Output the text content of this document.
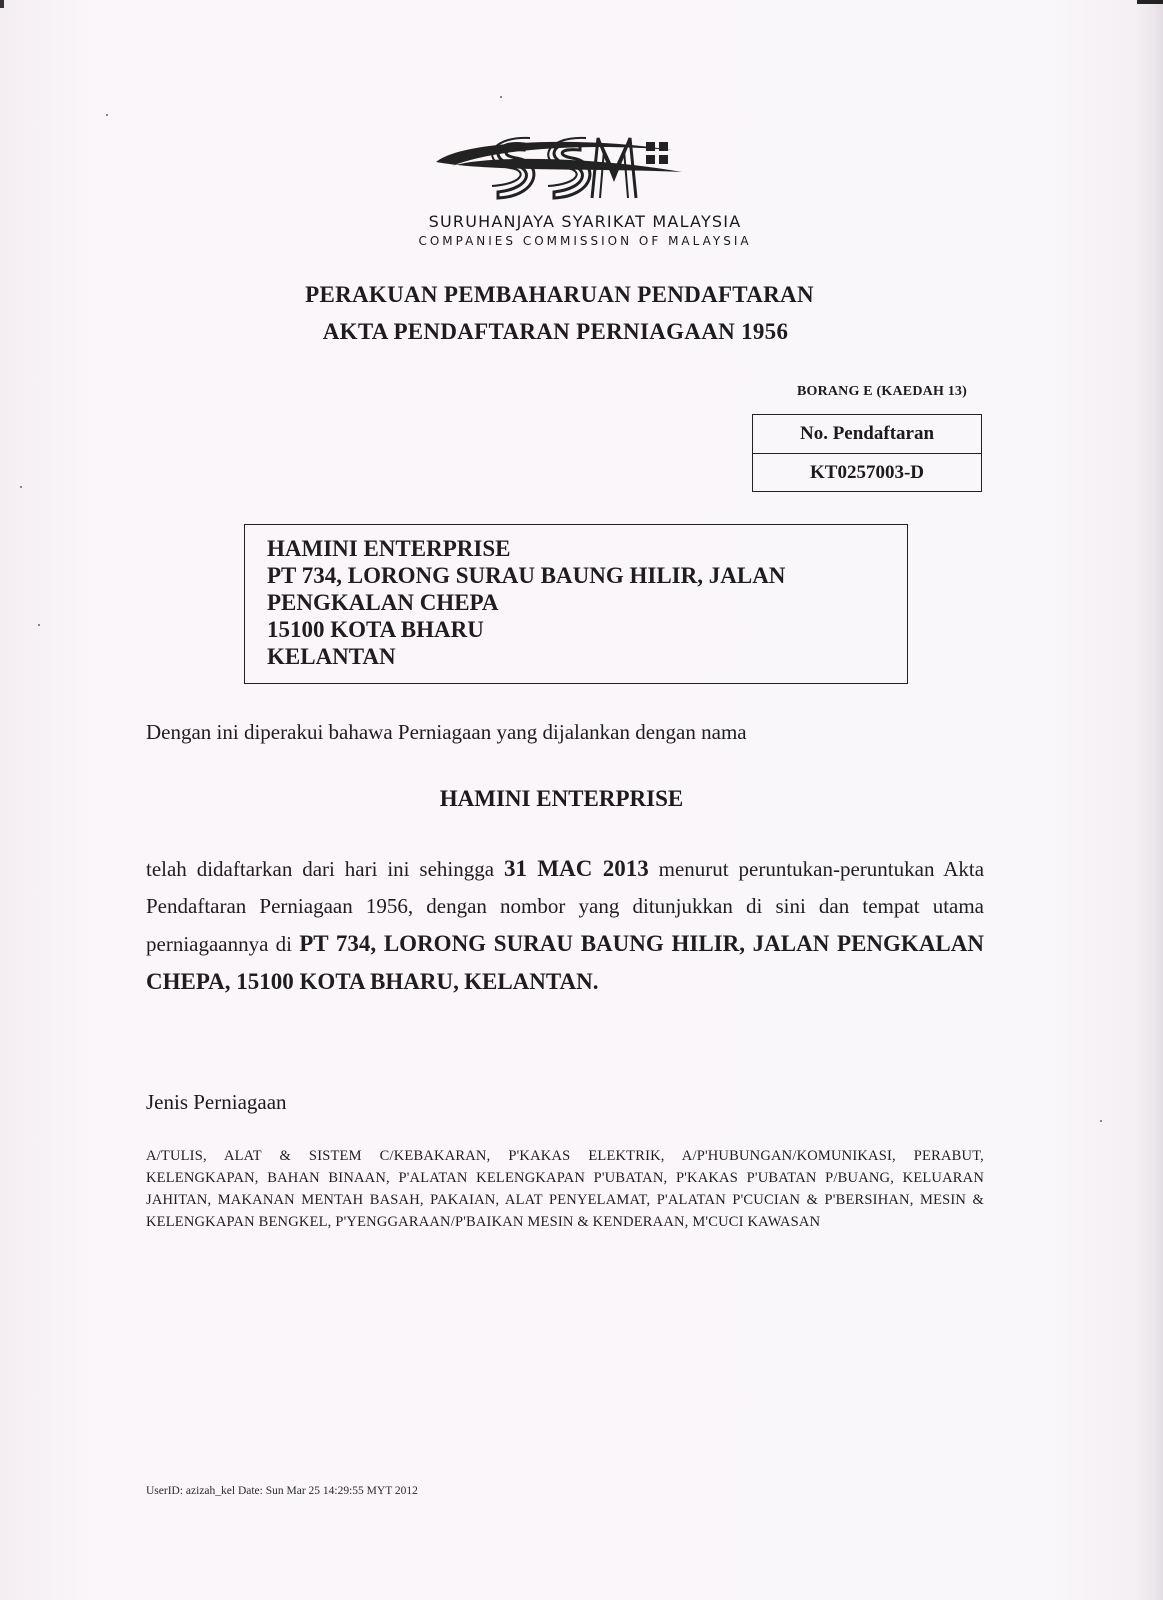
SURUHANJAYA SYARIKAT MALAYSIA
COMPANIES COMMISSION OF MALAYSIA
PERAKUAN PEMBAHARUAN PENDAFTARAN
AKTA PENDAFTARAN PERNIAGAAN 1956
BORANG E (KAEDAH 13)
No. Pendaftaran
KT0257003-D
HAMINI ENTERPRISE
PT 734, LORONG SURAU BAUNG HILIR, JALAN
PENGKALAN CHEPA
15100 KOTA BHARU
KELANTAN
Dengan ini diperakui bahawa Perniagaan yang dijalankan dengan nama
HAMINI ENTERPRISE
telah didaftarkan dari hari ini sehingga 31 MAC 2013 menurut peruntukan-peruntukan Akta Pendaftaran Perniagaan 1956, dengan nombor yang ditunjukkan di sini dan tempat utama perniagaannya di PT 734, LORONG SURAU BAUNG HILIR, JALAN PENGKALAN CHEPA, 15100 KOTA BHARU, KELANTAN.
Jenis Perniagaan
A/TULIS, ALAT & SISTEM C/KEBAKARAN, P'KAKAS ELEKTRIK, A/P'HUBUNGAN/KOMUNIKASI, PERABUT, KELENGKAPAN, BAHAN BINAAN, P'ALATAN KELENGKAPAN P'UBATAN, P'KAKAS P'UBATAN P/BUANG, KELUARAN JAHITAN, MAKANAN MENTAH BASAH, PAKAIAN, ALAT PENYELAMAT, P'ALATAN P'CUCIAN & P'BERSIHAN, MESIN & KELENGKAPAN BENGKEL, P'YENGGARAAN/P'BAIKAN MESIN & KENDERAAN, M'CUCI KAWASAN
UserID: azizah_kel Date: Sun Mar 25 14:29:55 MYT 2012
